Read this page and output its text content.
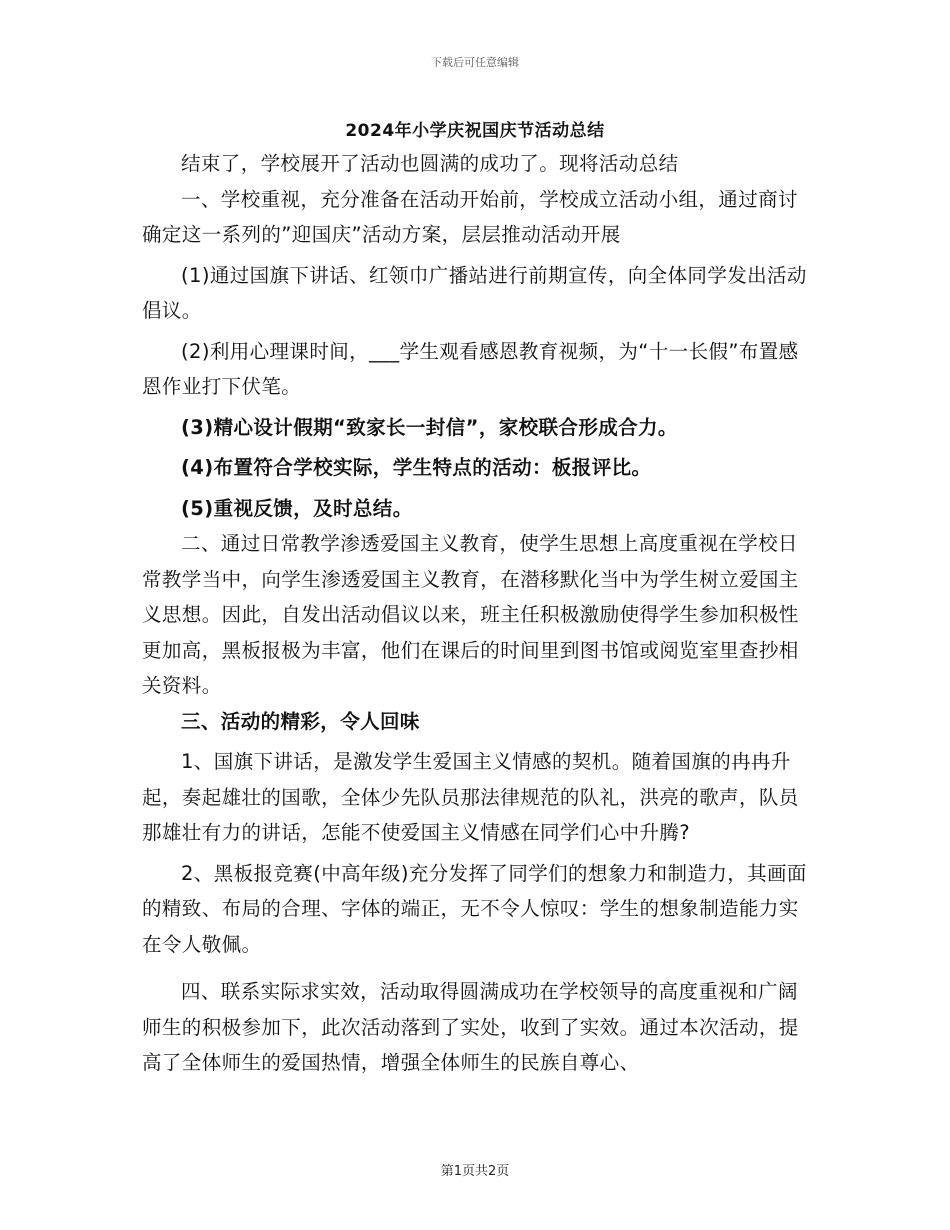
下载后可任意编辑
2024年小学庆祝国庆节活动总结

结束了，学校展开了活动也圆满的成功了。现将活动总结

一、学校重视，充分准备在活动开始前，学校成立活动小组，通过商讨确定这一系列的”迎国庆”活动方案，层层推动活动开展

(1)通过国旗下讲话、红领巾广播站进行前期宣传，向全体同学发出活动倡议。

(2)利用心理课时间，___学生观看感恩教育视频，为“十一长假”布置感恩作业打下伏笔。

(3)精心设计假期“致家长一封信”，家校联合形成合力。

(4)布置符合学校实际，学生特点的活动：板报评比。

(5)重视反馈，及时总结。

二、通过日常教学渗透爱国主义教育，使学生思想上高度重视在学校日常教学当中，向学生渗透爱国主义教育，在潜移默化当中为学生树立爱国主义思想。因此，自发出活动倡议以来，班主任积极激励使得学生参加积极性更加高，黑板报极为丰富，他们在课后的时间里到图书馆或阅览室里查抄相关资料。

三、活动的精彩，令人回味

1、国旗下讲话，是激发学生爱国主义情感的契机。随着国旗的冉冉升起，奏起雄壮的国歌，全体少先队员那法律规范的队礼，洪亮的歌声，队员那雄壮有力的讲话，怎能不使爱国主义情感在同学们心中升腾?

2、黑板报竞赛(中高年级)充分发挥了同学们的想象力和制造力，其画面的精致、布局的合理、字体的端正，无不令人惊叹：学生的想象制造能力实在令人敬佩。

四、联系实际求实效，活动取得圆满成功在学校领导的高度重视和广阔师生的积极参加下，此次活动落到了实处，收到了实效。通过本次活动，提高了全体师生的爱国热情，增强全体师生的民族自尊心、

第1页共2页
